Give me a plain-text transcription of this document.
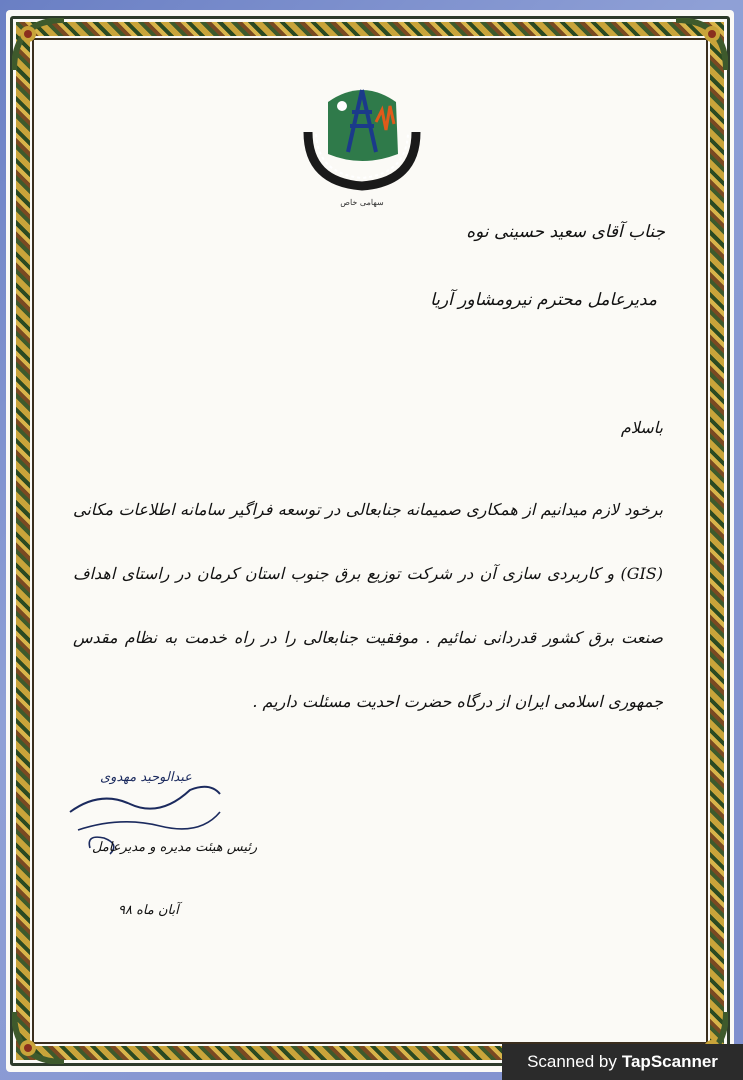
سهامی خاص
جناب آقای سعید حسینی نوه
مدیرعامل محترم نیرومشاور آریا
باسلام
برخود لازم میدانیم از همکاری صمیمانه جنابعالی در توسعه فراگیر سامانه اطلاعات مکانی (GIS) و کاربردی سازی آن در شرکت توزیع برق جنوب استان کرمان در راستای اهداف صنعت برق کشور قدردانی نمائیم . موفقیت جنابعالی را در راه خدمت به نظام مقدس جمهوری اسلامی ایران از درگاه حضرت احدیت مسئلت داریم .
عبدالوحید مهدوی
رئیس هیئت مدیره و مدیرعامل
آبان ماه ۹۸
Scanned by TapScanner
